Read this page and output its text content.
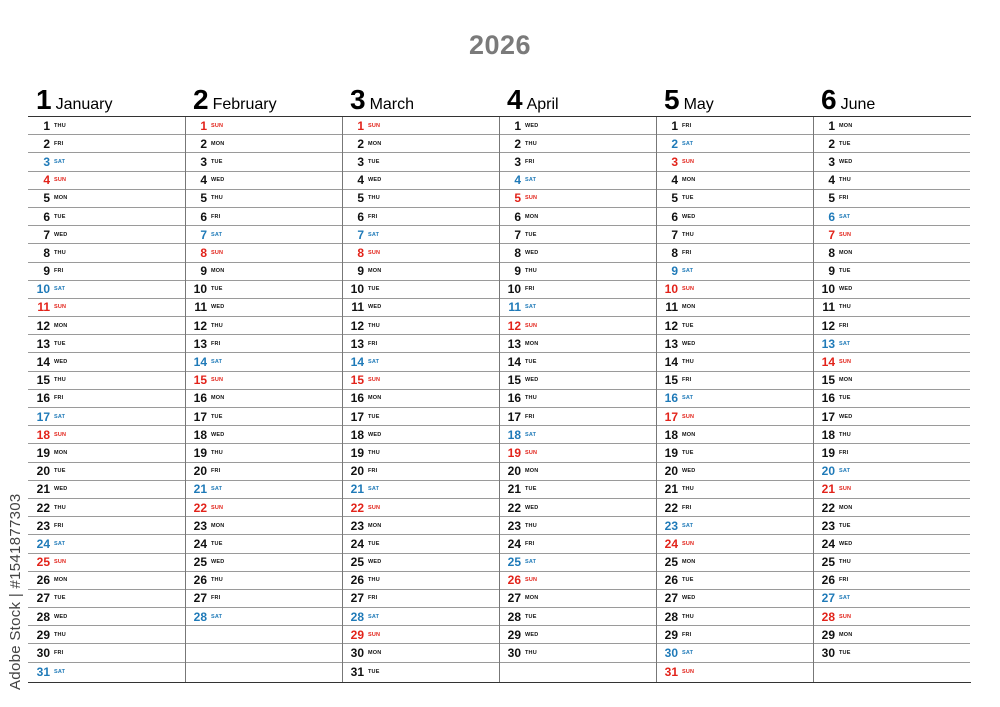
2026
1 January
1 THU
2 FRI
3 SAT
4 SUN
5 MON
6 TUE
7 WED
8 THU
9 FRI
10 SAT
11 SUN
12 MON
13 TUE
14 WED
15 THU
16 FRI
17 SAT
18 SUN
19 MON
20 TUE
21 WED
22 THU
23 FRI
24 SAT
25 SUN
26 MON
27 TUE
28 WED
29 THU
30 FRI
31 SAT
2 February
1 SUN
2 MON
3 TUE
4 WED
5 THU
6 FRI
7 SAT
8 SUN
9 MON
10 TUE
11 WED
12 THU
13 FRI
14 SAT
15 SUN
16 MON
17 TUE
18 WED
19 THU
20 FRI
21 SAT
22 SUN
23 MON
24 TUE
25 WED
26 THU
27 FRI
28 SAT
3 March
1 SUN
2 MON
3 TUE
4 WED
5 THU
6 FRI
7 SAT
8 SUN
9 MON
10 TUE
11 WED
12 THU
13 FRI
14 SAT
15 SUN
16 MON
17 TUE
18 WED
19 THU
20 FRI
21 SAT
22 SUN
23 MON
24 TUE
25 WED
26 THU
27 FRI
28 SAT
29 SUN
30 MON
31 TUE
4 April
1 WED
2 THU
3 FRI
4 SAT
5 SUN
6 MON
7 TUE
8 WED
9 THU
10 FRI
11 SAT
12 SUN
13 MON
14 TUE
15 WED
16 THU
17 FRI
18 SAT
19 SUN
20 MON
21 TUE
22 WED
23 THU
24 FRI
25 SAT
26 SUN
27 MON
28 TUE
29 WED
30 THU
5 May
1 FRI
2 SAT
3 SUN
4 MON
5 TUE
6 WED
7 THU
8 FRI
9 SAT
10 SUN
11 MON
12 TUE
13 WED
14 THU
15 FRI
16 SAT
17 SUN
18 MON
19 TUE
20 WED
21 THU
22 FRI
23 SAT
24 SUN
25 MON
26 TUE
27 WED
28 THU
29 FRI
30 SAT
31 SUN
6 June
1 MON
2 TUE
3 WED
4 THU
5 FRI
6 SAT
7 SUN
8 MON
9 TUE
10 WED
11 THU
12 FRI
13 SAT
14 SUN
15 MON
16 TUE
17 WED
18 THU
19 FRI
20 SAT
21 SUN
22 MON
23 TUE
24 WED
25 THU
26 FRI
27 SAT
28 SUN
29 MON
30 TUE
Adobe Stock | #1541877303
